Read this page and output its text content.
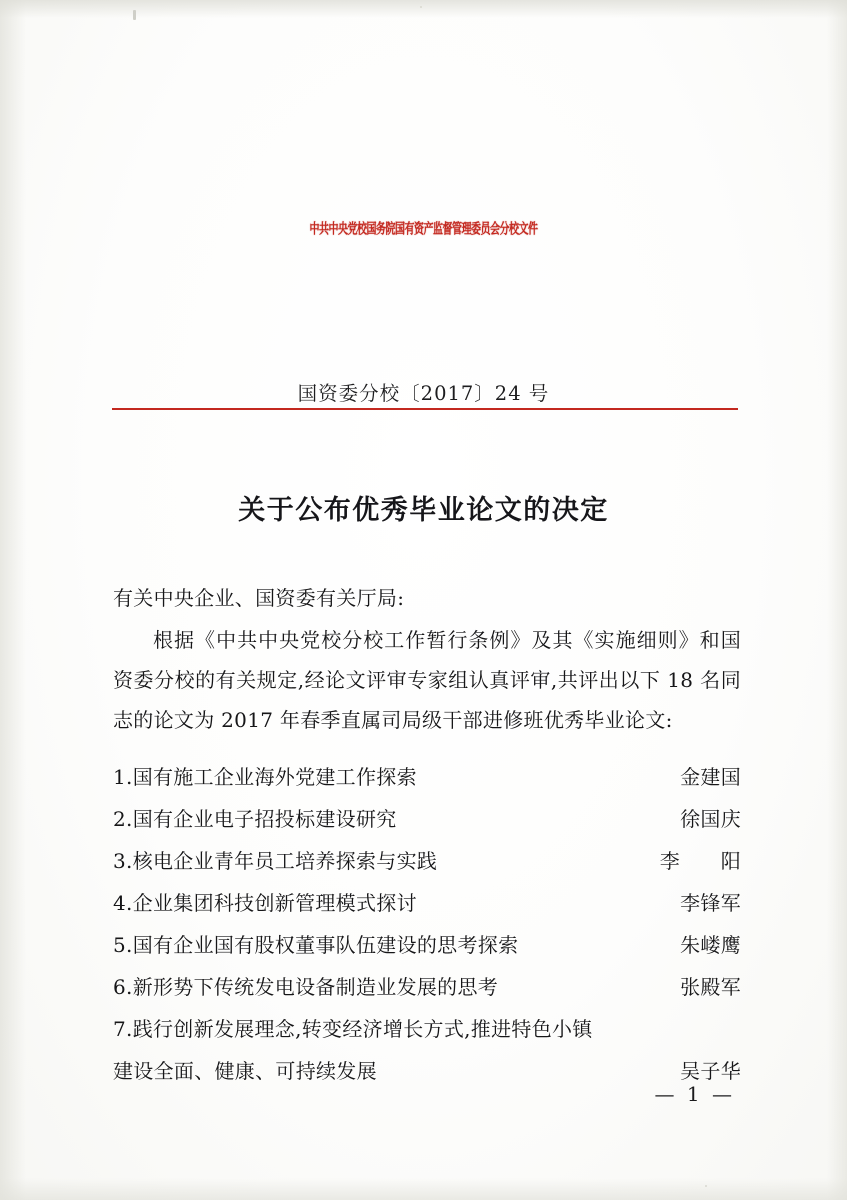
中共中央党校国务院国有资产监督管理委员会分校文件
国资委分校〔2017〕24 号
关于公布优秀毕业论文的决定

有关中央企业、国资委有关厅局:

根据《中共中央党校分校工作暂行条例》及其《实施细则》和国资委分校的有关规定,经论文评审专家组认真评审,共评出以下 18 名同志的论文为 2017 年春季直属司局级干部进修班优秀毕业论文:

1.国有施工企业海外党建工作探索	金建国
2.国有企业电子招投标建设研究	徐国庆
3.核电企业青年员工培养探索与实践	李　　阳
4.企业集团科技创新管理模式探讨	李锋军
5.国有企业国有股权董事队伍建设的思考探索	朱嵝鹰
6.新形势下传统发电设备制造业发展的思考	张殿军
7.践行创新发展理念,转变经济增长方式,推进特色小镇
建设全面、健康、可持续发展	吴子华
— 1 —
